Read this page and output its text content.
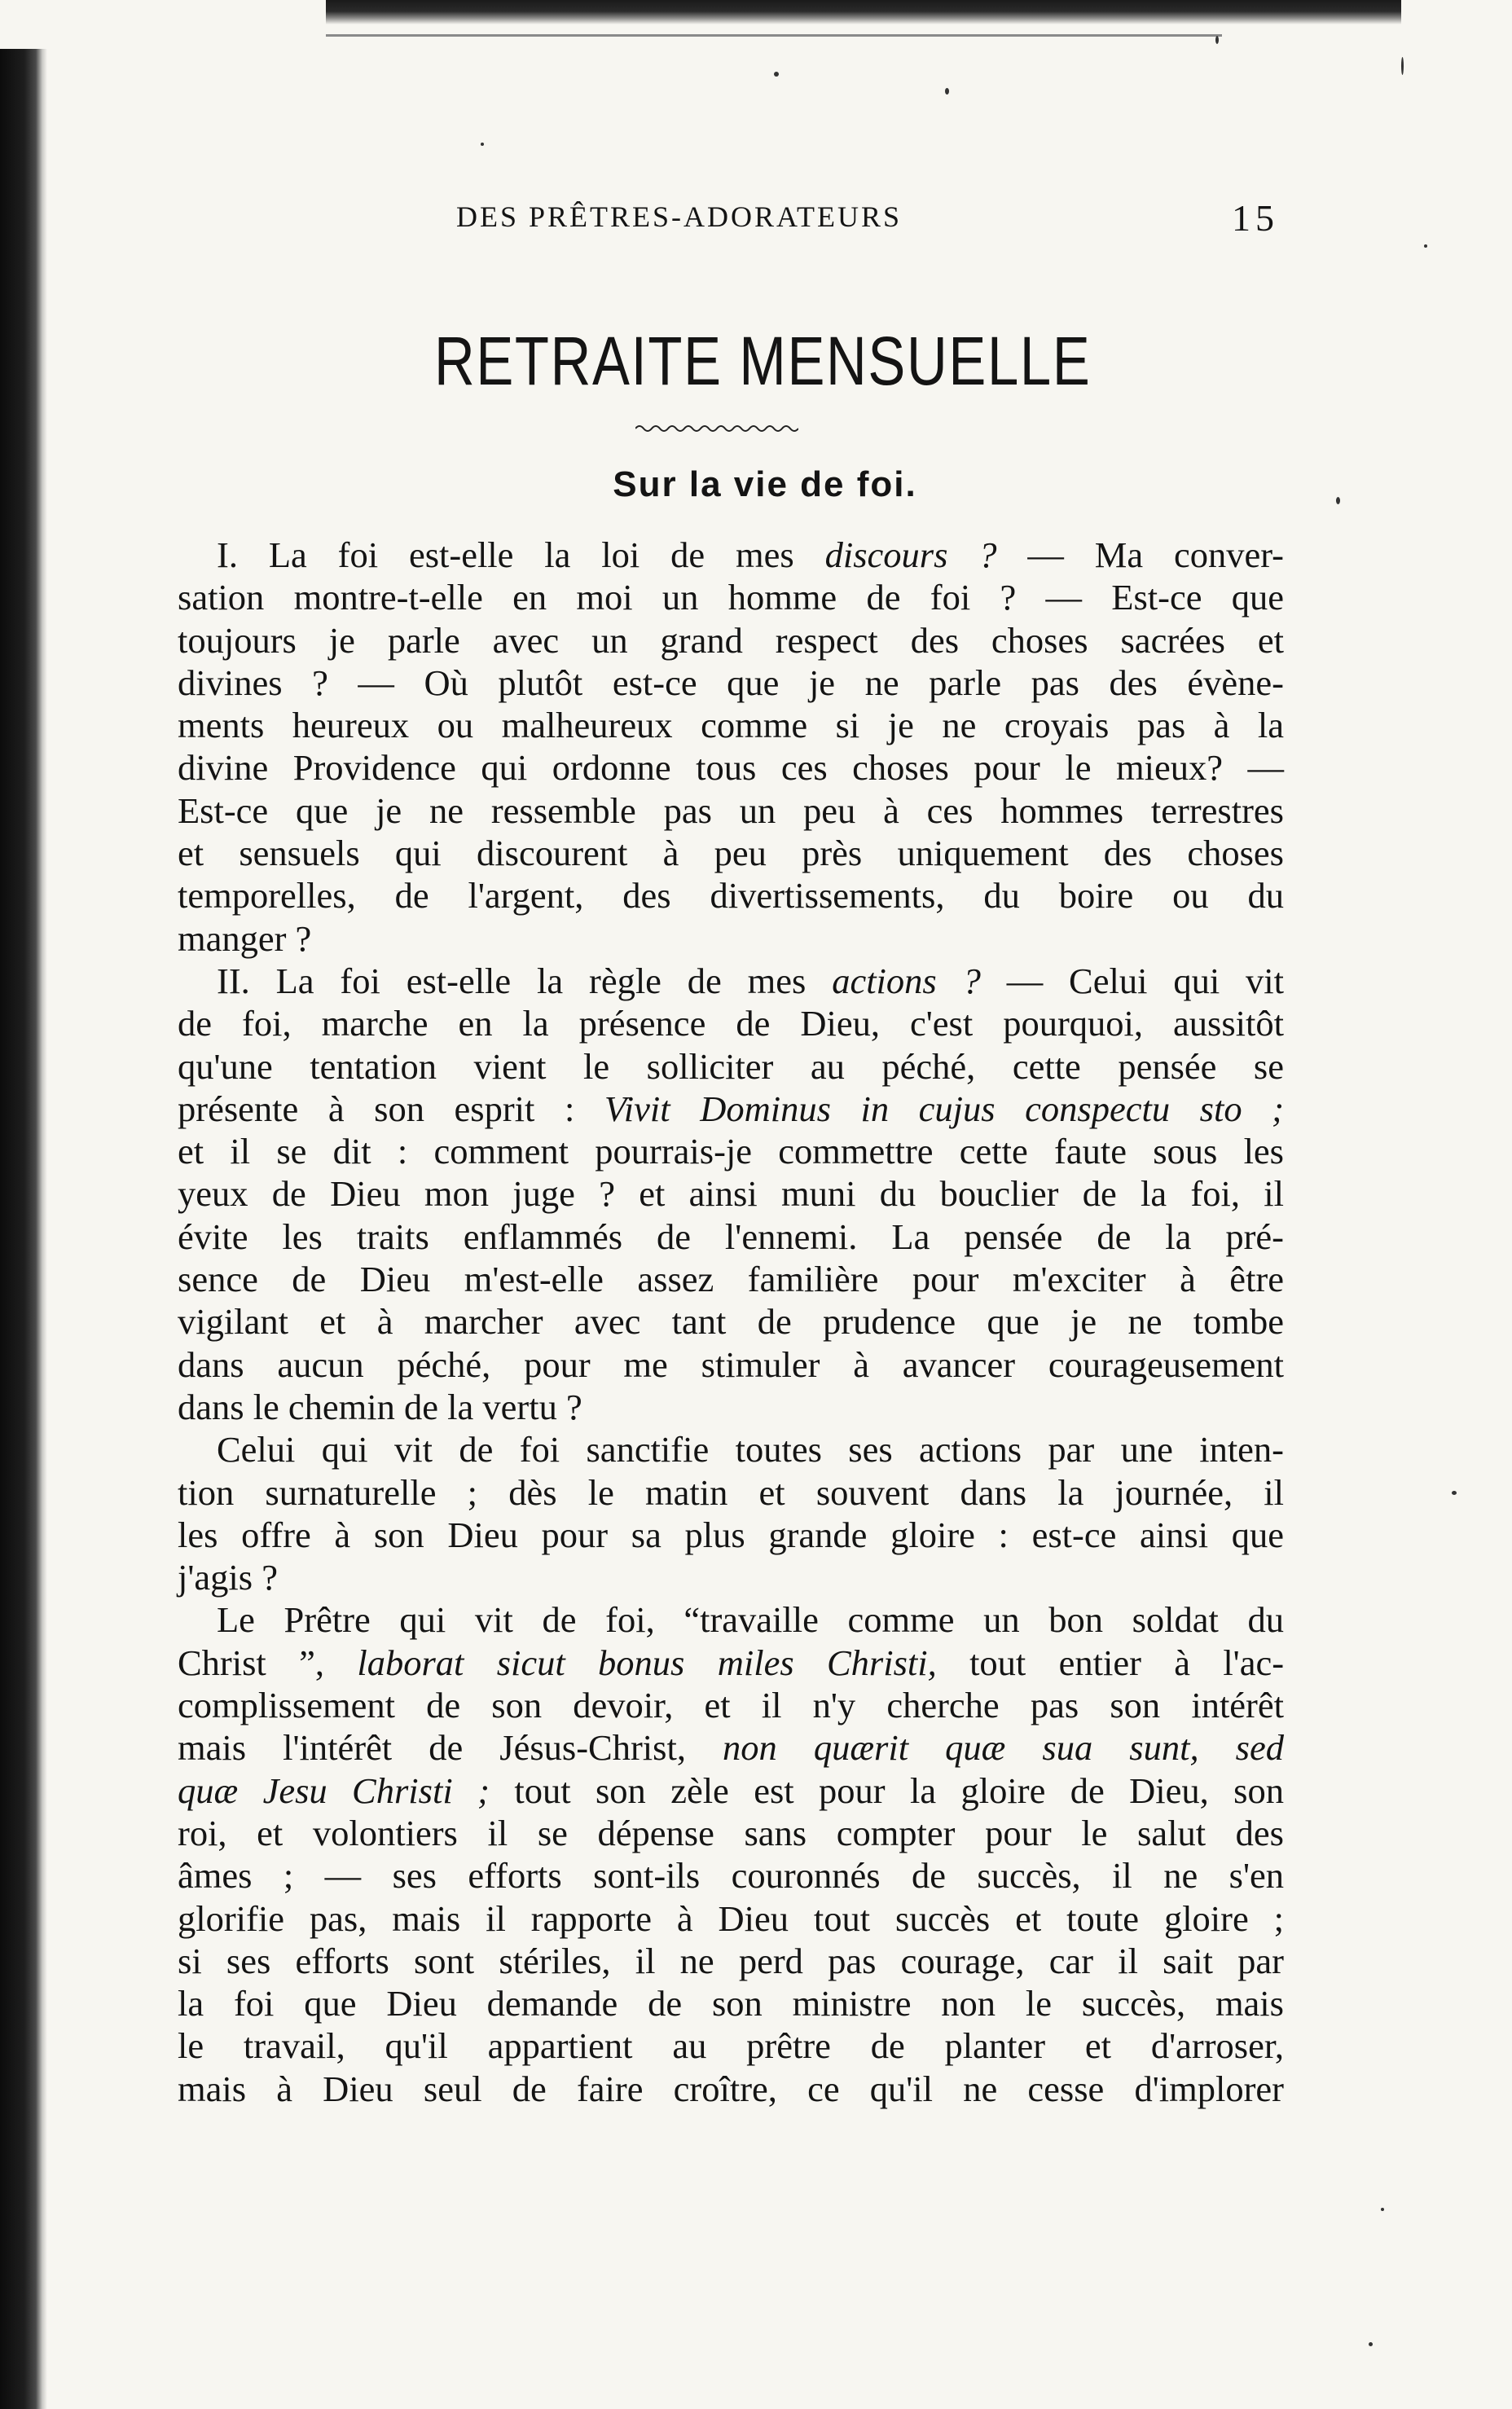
DES PRÊTRES-ADORATEURS	15
RETRAITE MENSUELLE
Sur la vie de foi.
I. La foi est-elle la loi de mes discours ? — Ma conver-
sation montre-t-elle en moi un homme de foi ? — Est-ce que
toujours je parle avec un grand respect des choses sacrées et
divines ? — Où plutôt est-ce que je ne parle pas des évène-
ments heureux ou malheureux comme si je ne croyais pas à la
divine Providence qui ordonne tous ces choses pour le mieux? —
Est-ce que je ne ressemble pas un peu à ces hommes terrestres
et sensuels qui discourent à peu près uniquement des choses
temporelles, de l'argent, des divertissements, du boire ou du
manger ?
II. La foi est-elle la règle de mes actions ? — Celui qui vit
de foi, marche en la présence de Dieu, c'est pourquoi, aussitôt
qu'une tentation vient le solliciter au péché, cette pensée se
présente à son esprit : Vivit Dominus in cujus conspectu sto ;
et il se dit : comment pourrais-je commettre cette faute sous les
yeux de Dieu mon juge ? et ainsi muni du bouclier de la foi, il
évite les traits enflammés de l'ennemi. La pensée de la pré-
sence de Dieu m'est-elle assez familière pour m'exciter à être
vigilant et à marcher avec tant de prudence que je ne tombe
dans aucun péché, pour me stimuler à avancer courageusement
dans le chemin de la vertu ?
Celui qui vit de foi sanctifie toutes ses actions par une inten-
tion surnaturelle ; dès le matin et souvent dans la journée, il
les offre à son Dieu pour sa plus grande gloire : est-ce ainsi que
j'agis ?
Le Prêtre qui vit de foi, “travaille comme un bon soldat du
Christ ”, laborat sicut bonus miles Christi, tout entier à l'ac-
complissement de son devoir, et il n'y cherche pas son intérêt
mais l'intérêt de Jésus-Christ, non quærit quæ sua sunt, sed
quæ Jesu Christi ; tout son zèle est pour la gloire de Dieu, son
roi, et volontiers il se dépense sans compter pour le salut des
âmes ; — ses efforts sont-ils couronnés de succès, il ne s'en
glorifie pas, mais il rapporte à Dieu tout succès et toute gloire ;
si ses efforts sont stériles, il ne perd pas courage, car il sait par
la foi que Dieu demande de son ministre non le succès, mais
le travail, qu'il appartient au prêtre de planter et d'arroser,
mais à Dieu seul de faire croître, ce qu'il ne cesse d'implorer
